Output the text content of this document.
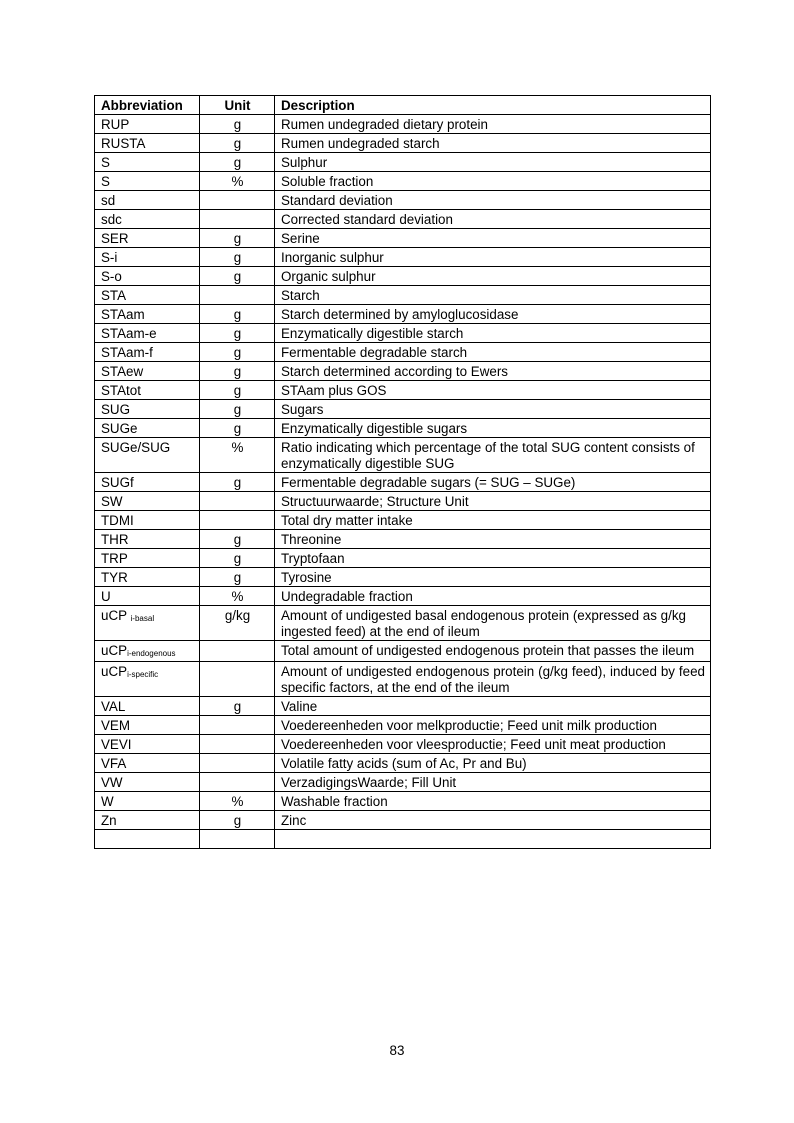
Abbreviation	Unit	Description
RUP	g	Rumen undegraded dietary protein
RUSTA	g	Rumen undegraded starch
S	g	Sulphur
S	%	Soluble fraction
sd		Standard deviation
sdc		Corrected standard deviation
SER	g	Serine
S-i	g	Inorganic sulphur
S-o	g	Organic sulphur
STA		Starch
STAam	g	Starch determined by amyloglucosidase
STAam-e	g	Enzymatically digestible starch
STAam-f	g	Fermentable degradable starch
STAew	g	Starch determined according to Ewers
STAtot	g	STAam plus GOS
SUG	g	Sugars
SUGe	g	Enzymatically digestible sugars
SUGe/SUG	%	Ratio indicating which percentage of the total SUG content consists of enzymatically digestible SUG
SUGf	g	Fermentable degradable sugars (= SUG – SUGe)
SW		Structuurwaarde; Structure Unit
TDMI		Total dry matter intake
THR	g	Threonine
TRP	g	Tryptofaan
TYR	g	Tyrosine
U	%	Undegradable fraction
uCP $_{i-basal}$	g/kg	Amount of undigested basal endogenous protein (expressed as g/kg ingested feed) at the end of ileum
uCP$_{i-endogenous}$		Total amount of undigested endogenous protein that passes the ileum
uCP$_{i-specific}$		Amount of undigested endogenous protein (g/kg feed), induced by feed specific factors, at the end of the ileum
VAL	g	Valine
VEM		Voedereenheden voor melkproductie; Feed unit milk production
VEVI		Voedereenheden voor vleesproductie; Feed unit meat production
VFA		Volatile fatty acids (sum of Ac, Pr and Bu)
VW		VerzadigingsWaarde; Fill Unit
W	%	Washable fraction
Zn	g	Zinc

83
